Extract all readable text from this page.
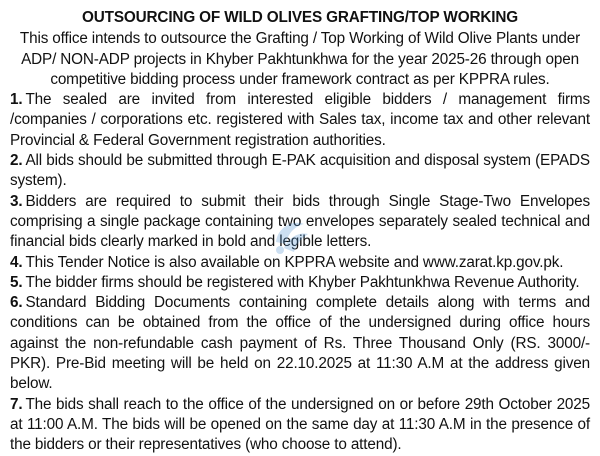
OUTSOURCING OF WILD OLIVES GRAFTING/TOP WORKING

This office intends to outsource the Grafting / Top Working of Wild Olive Plants under ADP/ NON-ADP projects in Khyber Pakhtunkhwa for the year 2025-26 through open competitive bidding process under framework contract as per KPPRA rules.

1. The sealed are invited from interested eligible bidders / management firms /companies / corporations etc. registered with Sales tax, income tax and other relevant Provincial & Federal Government registration authorities.

2. All bids should be submitted through E-PAK acquisition and disposal system (EPADS system).

3. Bidders are required to submit their bids through Single Stage-Two Envelopes comprising a single package containing two envelopes separately sealed technical and financial bids clearly marked in bold and legible letters.

4. This Tender Notice is also available on KPPRA website and www.zarat.kp.gov.pk.

5. The bidder firms should be registered with Khyber Pakhtunkhwa Revenue Authority.

6. Standard Bidding Documents containing complete details along with terms and conditions can be obtained from the office of the undersigned during office hours against the non-refundable cash payment of Rs. Three Thousand Only (RS. 3000/-PKR). Pre-Bid meeting will be held on 22.10.2025 at 11:30 A.M at the address given below.

7. The bids shall reach to the office of the undersigned on or before 29th October 2025 at 11:00 A.M. The bids will be opened on the same day at 11:30 A.M in the presence of the bidders or their representatives (who choose to attend).
